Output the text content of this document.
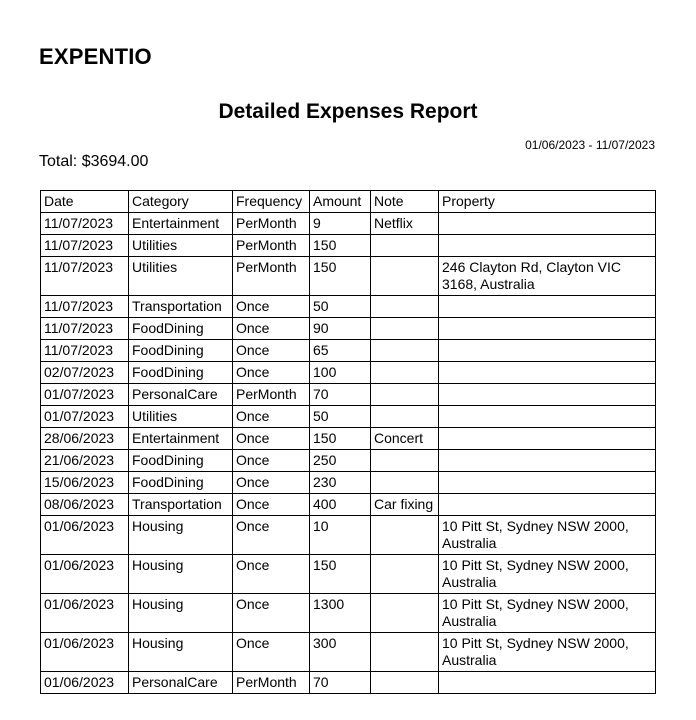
EXPENTIO
Detailed Expenses Report
01/06/2023 - 11/07/2023
Total: $3694.00
Date	Category	Frequency	Amount	Note	Property
11/07/2023	Entertainment	PerMonth	9	Netflix	
11/07/2023	Utilities	PerMonth	150		
11/07/2023	Utilities	PerMonth	150		246 Clayton Rd, Clayton VIC 3168, Australia
11/07/2023	Transportation	Once	50		
11/07/2023	FoodDining	Once	90		
11/07/2023	FoodDining	Once	65		
02/07/2023	FoodDining	Once	100		
01/07/2023	PersonalCare	PerMonth	70		
01/07/2023	Utilities	Once	50		
28/06/2023	Entertainment	Once	150	Concert	
21/06/2023	FoodDining	Once	250		
15/06/2023	FoodDining	Once	230		
08/06/2023	Transportation	Once	400	Car fixing	
01/06/2023	Housing	Once	10		10 Pitt St, Sydney NSW 2000, Australia
01/06/2023	Housing	Once	150		10 Pitt St, Sydney NSW 2000, Australia
01/06/2023	Housing	Once	1300		10 Pitt St, Sydney NSW 2000, Australia
01/06/2023	Housing	Once	300		10 Pitt St, Sydney NSW 2000, Australia
01/06/2023	PersonalCare	PerMonth	70		
